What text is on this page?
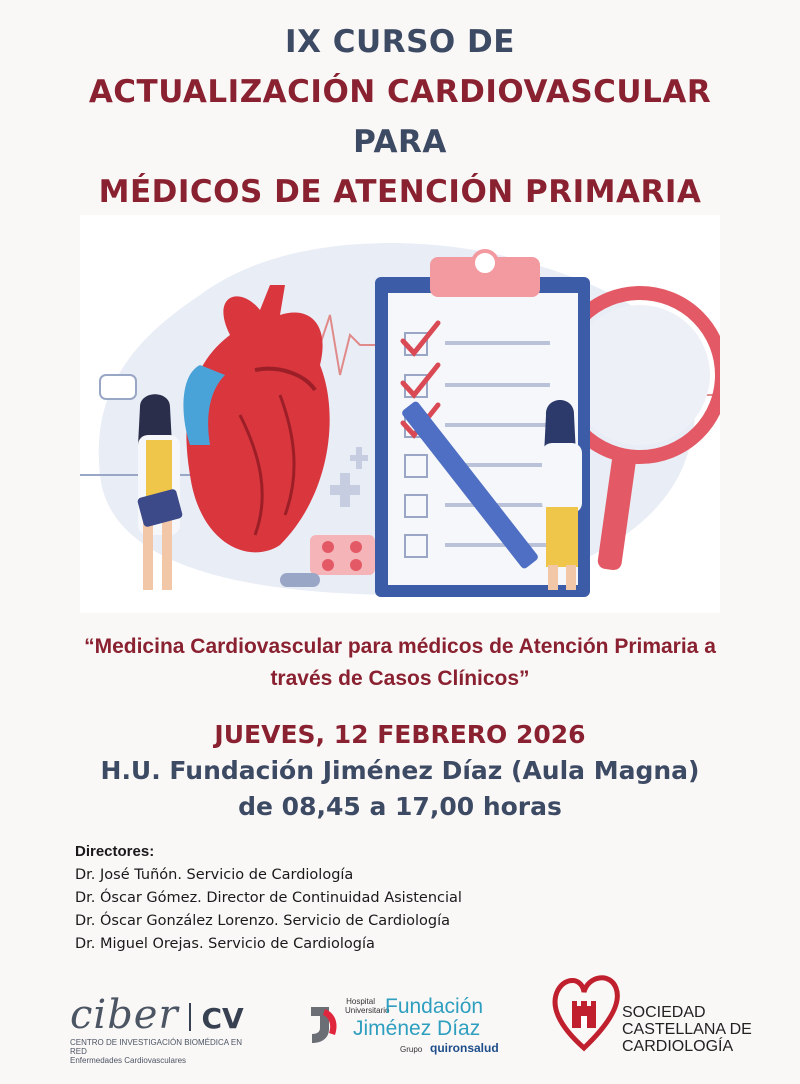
IX CURSO DE
ACTUALIZACIÓN CARDIOVASCULAR
PARA
MÉDICOS DE ATENCIÓN PRIMARIA
“Medicina Cardiovascular para médicos de Atención Primaria a
través de Casos Clínicos”
JUEVES, 12 FEBRERO 2026
H.U. Fundación Jiménez Díaz (Aula Magna)
de 08,45 a 17,00 horas
Directores:
Dr. José Tuñón. Servicio de Cardiología
Dr. Óscar Gómez. Director de Continuidad Asistencial
Dr. Óscar González Lorenzo. Servicio de Cardiología
Dr. Miguel Orejas. Servicio de Cardiología
ciber CV
CENTRO DE INVESTIGACIÓN BIOMÉDICA EN RED
Enfermedades Cardiovasculares
Hospital
Universitario
Fundación
Jiménez Díaz
Grupo quironsalud
SOCIEDAD
CASTELLANA DE
CARDIOLOGÍA
